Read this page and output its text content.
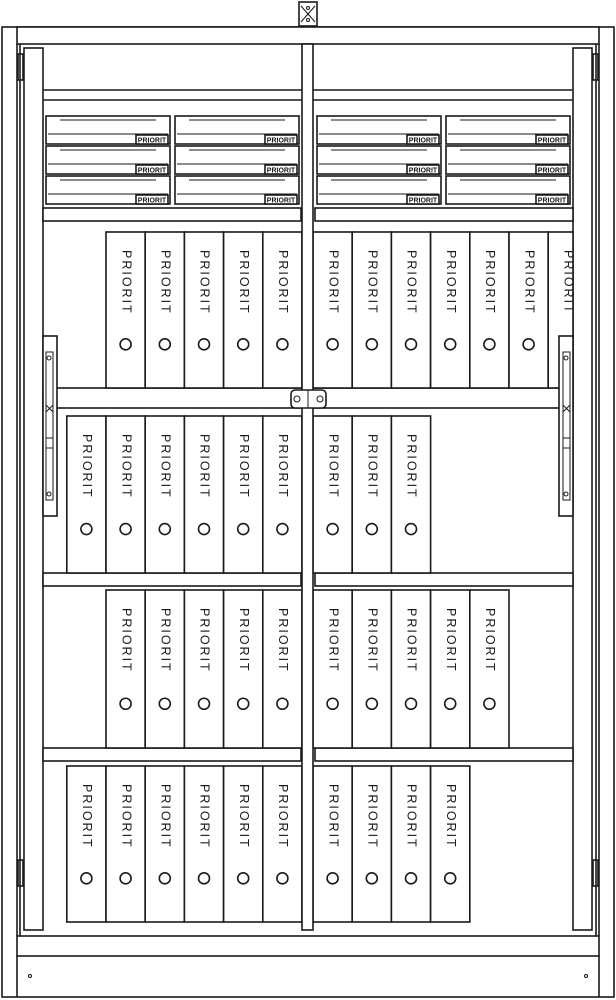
PRIORIT	PRIORIT	PRIORIT	PRIORIT
PRIORIT	PRIORIT	PRIORIT	PRIORIT
PRIORIT	PRIORIT	PRIORIT	PRIORIT
PRIORIT PRIORIT PRIORIT PRIORIT PRIORIT	PRIORIT PRIORIT PRIORIT PRIORIT PRIORIT PRIORIT PRIORIT
PRIORIT PRIORIT PRIORIT PRIORIT PRIORIT PRIORIT	PRIORIT PRIORIT PRIORIT
PRIORIT PRIORIT PRIORIT PRIORIT PRIORIT	PRIORIT PRIORIT PRIORIT PRIORIT PRIORIT
PRIORIT PRIORIT PRIORIT PRIORIT PRIORIT PRIORIT	PRIORIT PRIORIT PRIORIT PRIORIT
